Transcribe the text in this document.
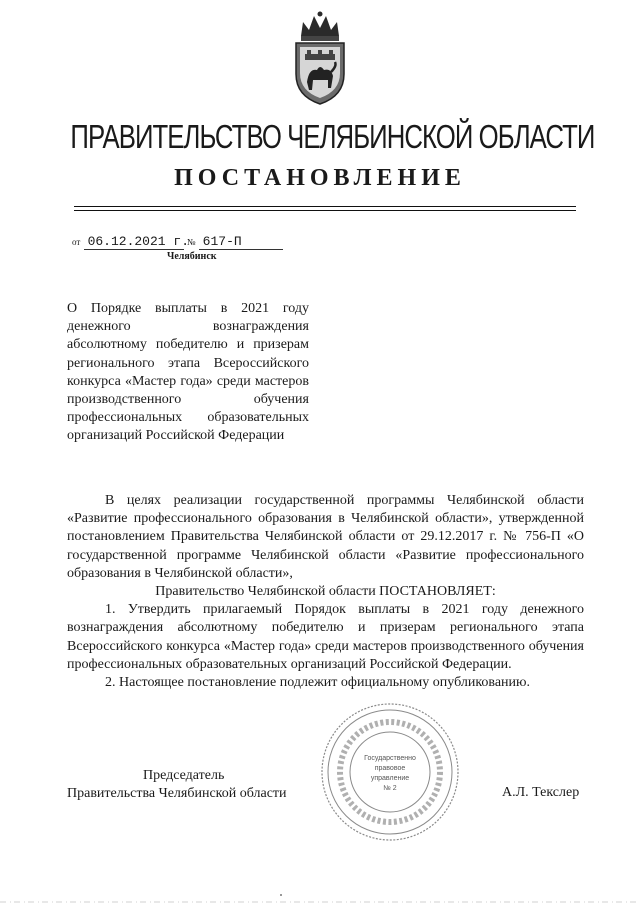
ПРАВИТЕЛЬСТВО ЧЕЛЯБИНСКОЙ ОБЛАСТИ
ПОСТАНОВЛЕНИЕ
от 06.12.2021 г. № 617-П
Челябинск
О Порядке выплаты в 2021 году денежного вознаграждения абсолютному победителю и призерам регионального этапа Всероссийского конкурса «Мастер года» среди мастеров производственного обучения профессиональных образовательных организаций Российской Федерации

В целях реализации государственной программы Челябинской области «Развитие профессионального образования в Челябинской области», утвержденной постановлением Правительства Челябинской области от 29.12.2017 г. № 756-П «О государственной программе Челябинской области «Развитие профессионального образования в Челябинской области»,

Правительство Челябинской области ПОСТАНОВЛЯЕТ:

1. Утвердить прилагаемый Порядок выплаты в 2021 году денежного вознаграждения абсолютному победителю и призерам регионального этапа Всероссийского конкурса «Мастер года» среди мастеров производственного обучения профессиональных образовательных организаций Российской Федерации.

2. Настоящее постановление подлежит официальному опубликованию.

Председатель
Правительства Челябинской области	А.Л. Текслер
Государственно
правовое
управление
№ 2
